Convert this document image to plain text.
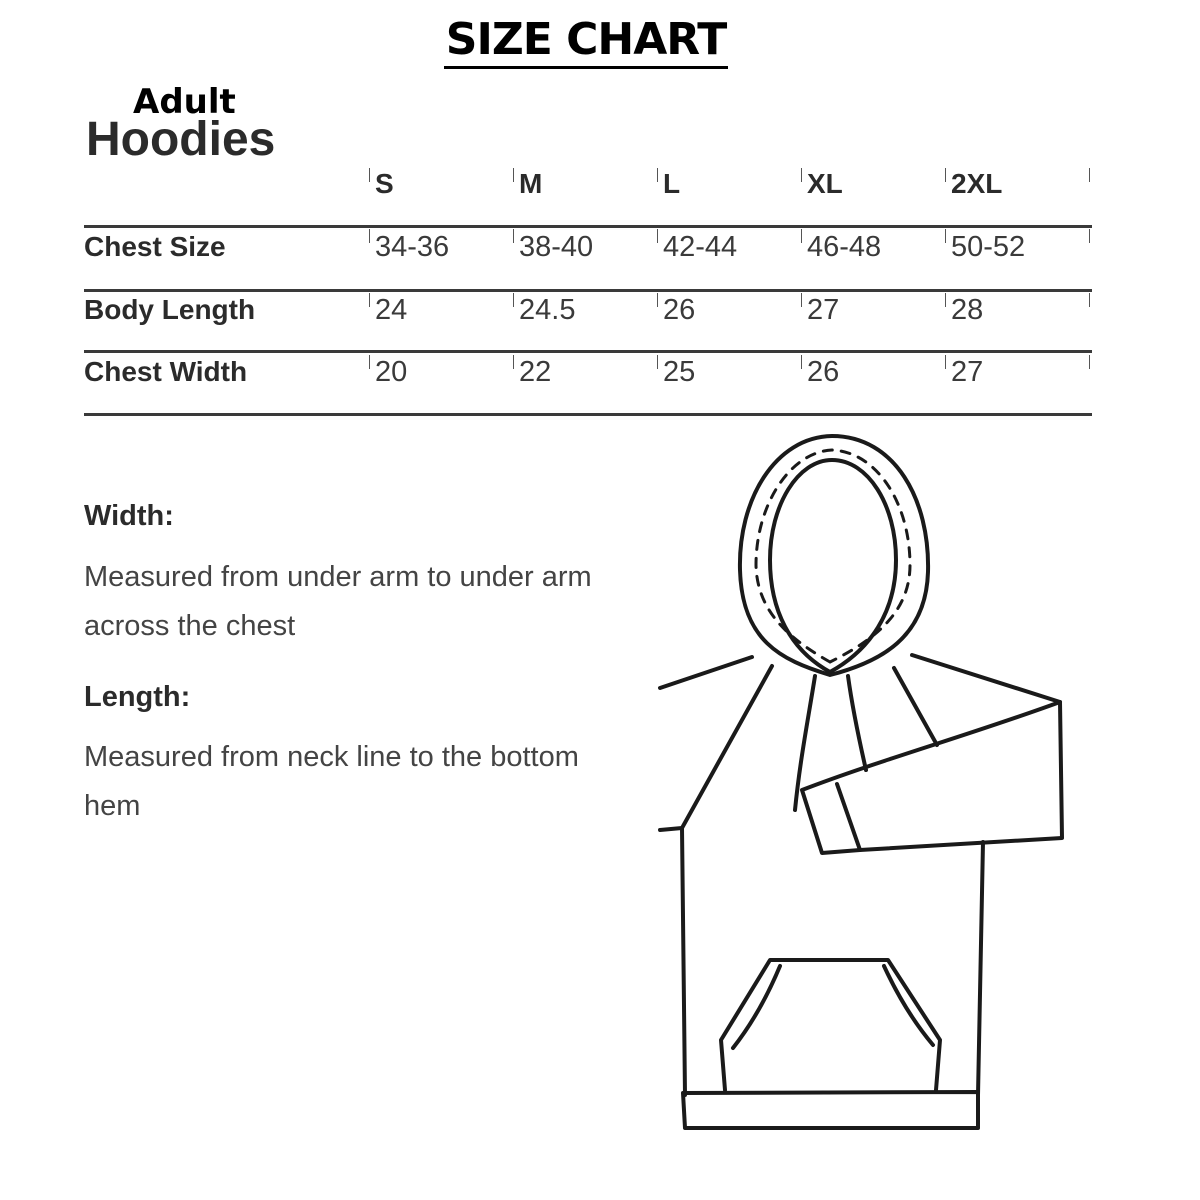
SIZE CHART
Adult
Hoodies
S	M	L	XL	2XL
Chest Size	34-36 38-40 42-44 46-48 50-52
Body Length	24	24.5	26	27	28
Chest Width	20	22	25	26	27
Width:
Measured from under arm to under arm across the chest
Length:
Measured from neck line to the bottom hem
